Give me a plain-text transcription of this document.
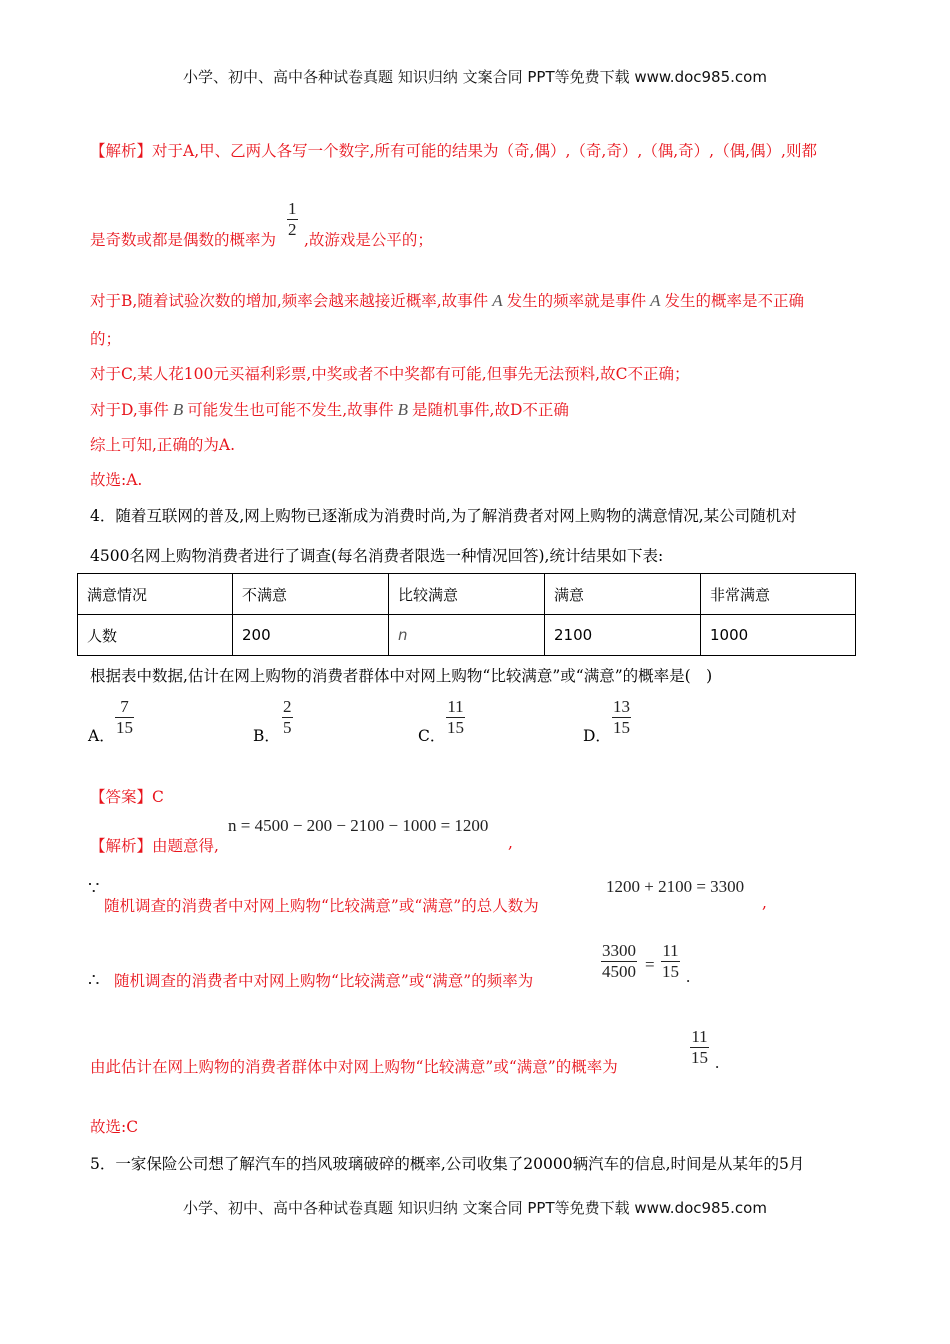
小学、初中、高中各种试卷真题 知识归纳 文案合同 PPT等免费下载 www.doc985.com
【解析】对于A,甲、乙两人各写一个数字,所有可能的结果为（奇,偶）,（奇,奇）,（偶,奇）,（偶,偶）,则都
是奇数或都是偶数的概率为 $\frac{1}{2}$ ,故游戏是公平的；
对于B,随着试验次数的增加,频率会越来越接近概率,故事件 A 发生的频率就是事件 A 发生的概率是不正确
的；
对于C,某人花100元买福利彩票,中奖或者不中奖都有可能,但事先无法预料,故C不正确；
对于D,事件 B 可能发生也可能不发生,故事件 B 是随机事件,故D不正确
综上可知,正确的为A.
故选:A.
4．随着互联网的普及,网上购物已逐渐成为消费时尚,为了解消费者对网上购物的满意情况,某公司随机对
4500名网上购物消费者进行了调查(每名消费者限选一种情况回答),统计结果如下表:
满意情况	不满意	比较满意	满意	非常满意
人数	200	n	2100	1000
根据表中数据,估计在网上购物的消费者群体中对网上购物“比较满意”或“满意”的概率是(　)
A． $\frac{7}{15}$	B． $\frac{2}{5}$	C． $\frac{11}{15}$	D． $\frac{13}{15}$
【答案】C
【解析】由题意得,
n = 4500 − 200 − 2100 − 1000 = 1200
,
∵
随机调查的消费者中对网上购物“比较满意”或“满意”的总人数为
1200 + 2100 = 3300
,
∴ 随机调查的消费者中对网上购物“比较满意”或“满意”的频率为	$\frac{3300}{4500} = \frac{11}{15}$ .
由此估计在网上购物的消费者群体中对网上购物“比较满意”或“满意”的概率为	$\frac{11}{15}$ .
故选:C
5．一家保险公司想了解汽车的挡风玻璃破碎的概率,公司收集了20000辆汽车的信息,时间是从某年的5月
小学、初中、高中各种试卷真题 知识归纳 文案合同 PPT等免费下载 www.doc985.com
